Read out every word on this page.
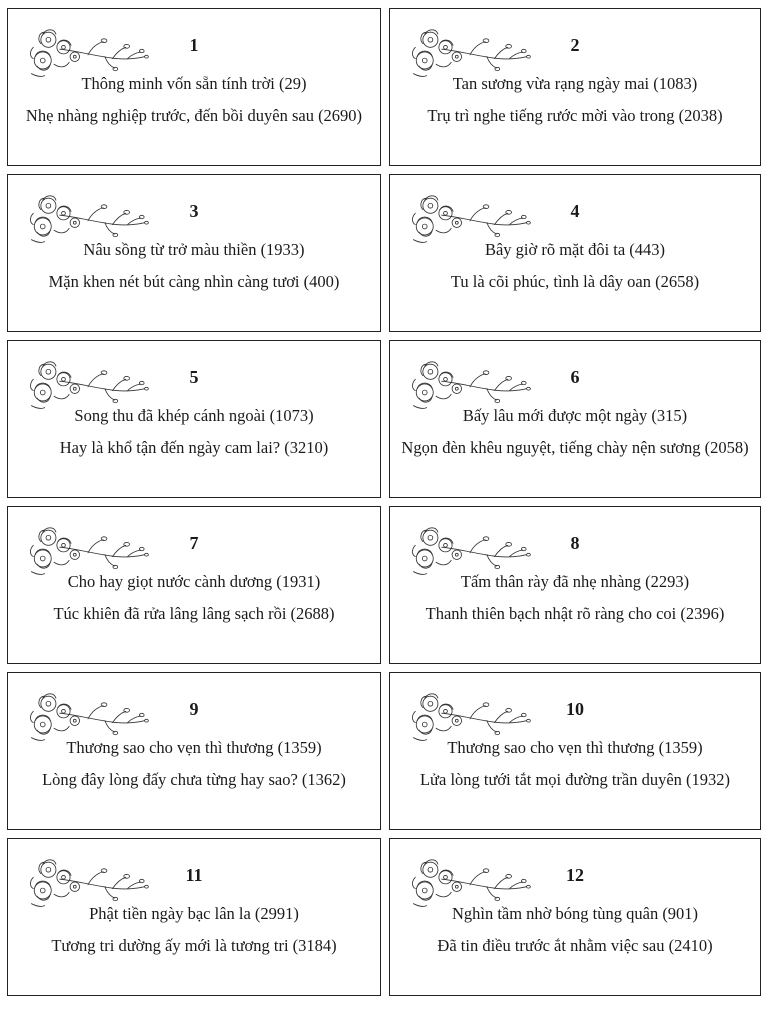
1
Thông minh vốn sẵn tính trời (29)
Nhẹ nhàng nghiệp trước, đến bồi duyên sau (2690)
2
Tan sương vừa rạng ngày mai (1083)
Trụ trì nghe tiếng rước mời vào trong (2038)
3
Nâu sồng từ trở màu thiền (1933)
Mặn khen nét bút càng nhìn càng tươi (400)
4
Bây giờ rõ mặt đôi ta (443)
Tu là cõi phúc, tình là dây oan (2658)
5
Song thu đã khép cánh ngoài (1073)
Hay là khổ tận đến ngày cam lai? (3210)
6
Bấy lâu mới được một ngày (315)
Ngọn đèn khêu nguyệt, tiếng chày nện sương (2058)
7
Cho hay giọt nước cành dương (1931)
Túc khiên đã rửa lâng lâng sạch rồi (2688)
8
Tấm thân rày đã nhẹ nhàng (2293)
Thanh thiên bạch nhật rõ ràng cho coi (2396)
9
Thương sao cho vẹn thì thương (1359)
Lòng đây lòng đấy chưa từng hay sao? (1362)
10
Thương sao cho vẹn thì thương (1359)
Lửa lòng tưới tắt mọi đường trần duyên (1932)
11
Phật tiền ngày bạc lân la (2991)
Tương tri dường ấy mới là tương tri (3184)
12
Nghìn tầm nhờ bóng tùng quân (901)
Đã tin điều trước ắt nhằm việc sau (2410)
